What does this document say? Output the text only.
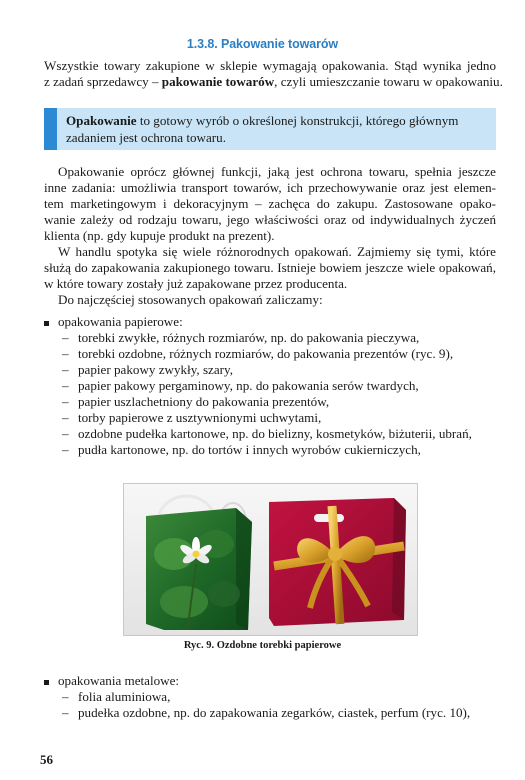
1.3.8. Pakowanie towarów
Wszystkie towary zakupione w sklepie wymagają opakowania. Stąd wynika jedno
z zadań sprzedawcy – pakowanie towarów, czyli umieszczanie towaru w opakowaniu.
Opakowanie to gotowy wyrób o określonej konstrukcji, którego głównym
zadaniem jest ochrona towaru.
Opakowanie oprócz głównej funkcji, jaką jest ochrona towaru, spełnia jeszcze
inne zadania: umożliwia transport towarów, ich przechowywanie oraz jest elemen-
tem marketingowym i dekoracyjnym – zachęca do zakupu. Zastosowane opako-
wanie zależy od rodzaju towaru, jego właściwości oraz od indywidualnych życzeń
klienta (np. gdy kupuje produkt na prezent).
W handlu spotyka się wiele różnorodnych opakowań. Zajmiemy się tymi, które
służą do zapakowania zakupionego towaru. Istnieje bowiem jeszcze wiele opakowań,
w które towary zostały już zapakowane przez producenta.
Do najczęściej stosowanych opakowań zaliczamy:
opakowania papierowe:
– torebki zwykłe, różnych rozmiarów, np. do pakowania pieczywa,
– torebki ozdobne, różnych rozmiarów, do pakowania prezentów (ryc. 9),
– papier pakowy zwykły, szary,
– papier pakowy pergaminowy, np. do pakowania serów twardych,
– papier uszlachetniony do pakowania prezentów,
– torby papierowe z usztywnionymi uchwytami,
– ozdobne pudełka kartonowe, np. do bielizny, kosmetyków, biżuterii, ubrań,
– pudła kartonowe, np. do tortów i innych wyrobów cukierniczych,
Ryc. 9. Ozdobne torebki papierowe
opakowania metalowe:
– folia aluminiowa,
– pudełka ozdobne, np. do zapakowania zegarków, ciastek, perfum (ryc. 10),
56
